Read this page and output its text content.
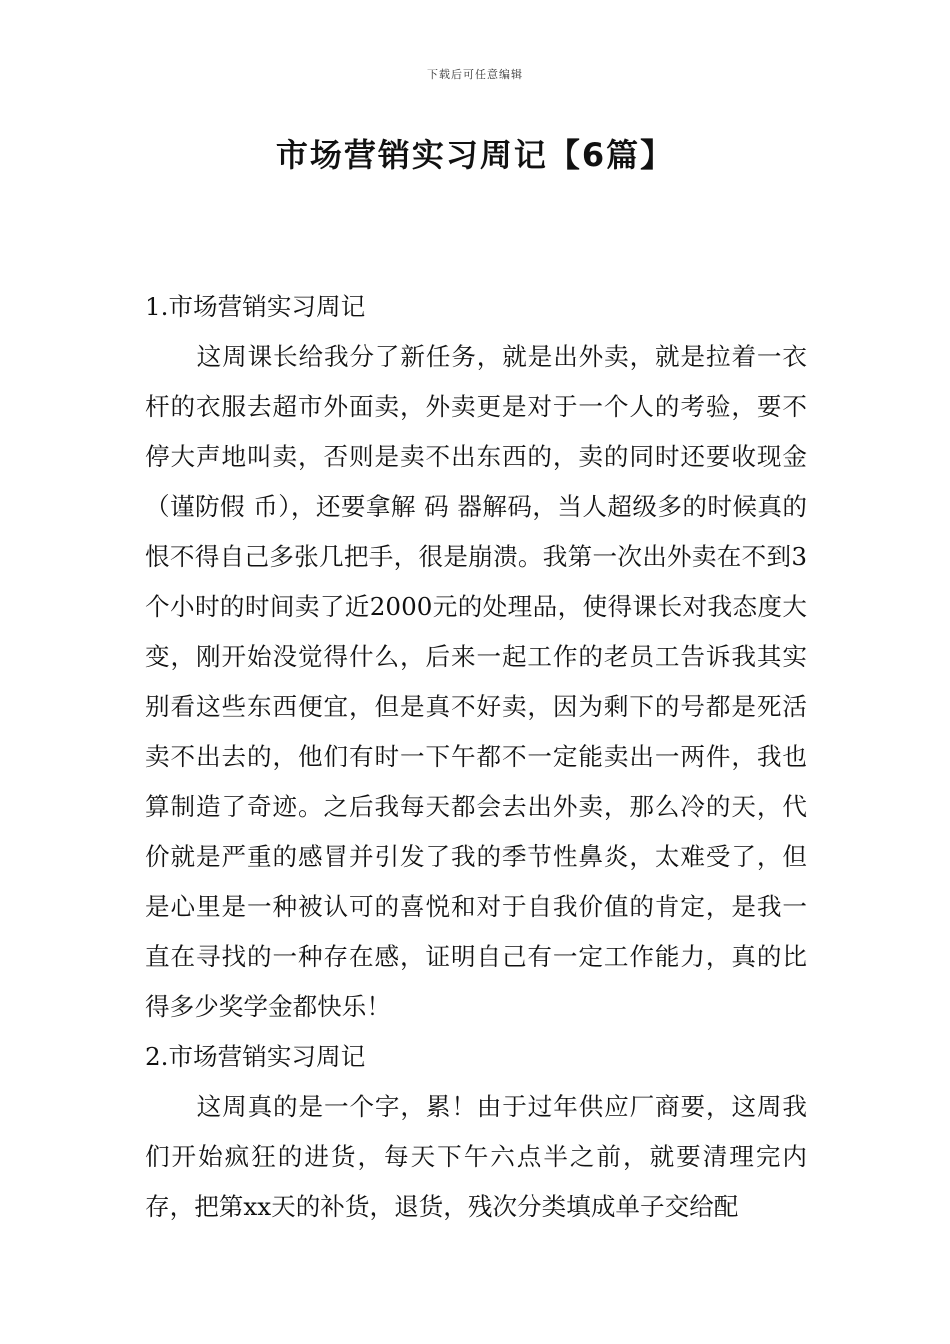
下载后可任意编辑
市场营销实习周记【6篇】

1.市场营销实习周记

这周课长给我分了新任务，就是出外卖，就是拉着一衣杆的衣服去超市外面卖，外卖更是对于一个人的考验，要不停大声地叫卖，否则是卖不出东西的，卖的同时还要收现金（谨防假 币），还要拿解 码 器解码，当人超级多的时候真的恨不得自己多张几把手，很是崩溃。我第一次出外卖在不到3个小时的时间卖了近2000元的处理品，使得课长对我态度大变，刚开始没觉得什么，后来一起工作的老员工告诉我其实别看这些东西便宜，但是真不好卖，因为剩下的号都是死活卖不出去的，他们有时一下午都不一定能卖出一两件，我也算制造了奇迹。之后我每天都会去出外卖，那么冷的天，代价就是严重的感冒并引发了我的季节性鼻炎，太难受了，但是心里是一种被认可的喜悦和对于自我价值的肯定，是我一直在寻找的一种存在感，证明自己有一定工作能力，真的比得多少奖学金都快乐！

2.市场营销实习周记

这周真的是一个字，累！由于过年供应厂商要，这周我们开始疯狂的进货，每天下午六点半之前，就要清理完内存，把第xx天的补货，退货，残次分类填成单子交给配
